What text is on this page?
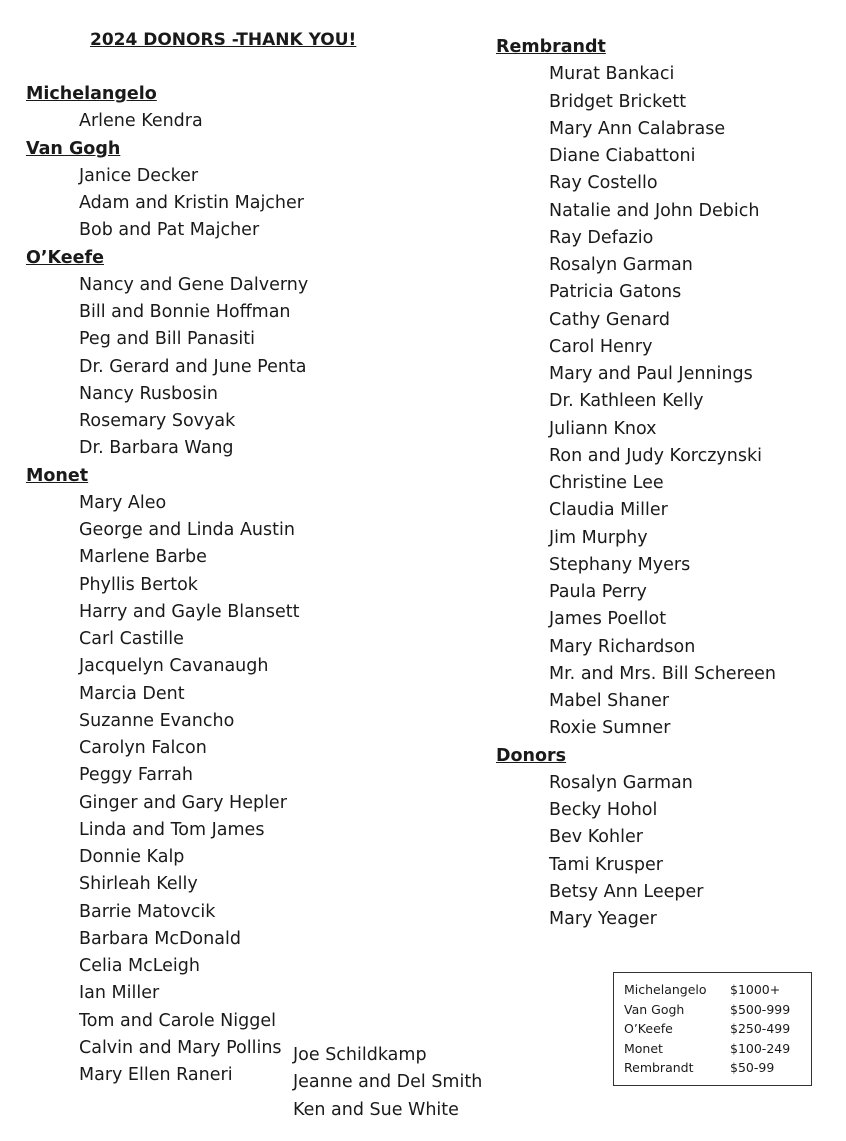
2024 DONORS -THANK YOU!
Michelangelo
Arlene Kendra
Van Gogh
Janice Decker
Adam and Kristin Majcher
Bob and Pat Majcher
O’Keefe
Nancy and Gene Dalverny
Bill and Bonnie Hoffman
Peg and Bill Panasiti
Dr. Gerard and June Penta
Nancy Rusbosin
Rosemary Sovyak
Dr. Barbara Wang
Monet
Mary Aleo
George and Linda Austin
Marlene Barbe
Phyllis Bertok
Harry and Gayle Blansett
Carl Castille
Jacquelyn Cavanaugh
Marcia Dent
Suzanne Evancho
Carolyn Falcon
Peggy Farrah
Ginger and Gary Hepler
Linda and Tom James
Donnie Kalp
Shirleah Kelly
Barrie Matovcik
Barbara McDonald
Celia McLeigh
Ian Miller
Tom and Carole Niggel
Calvin and Mary Pollins
Mary Ellen Raneri
Rembrandt
Murat Bankaci
Bridget Brickett
Mary Ann Calabrase
Diane Ciabattoni
Ray Costello
Natalie and John Debich
Ray Defazio
Rosalyn Garman
Patricia Gatons
Cathy Genard
Carol Henry
Mary and Paul Jennings
Dr. Kathleen Kelly
Juliann Knox
Ron and Judy Korczynski
Christine Lee
Claudia Miller
Jim Murphy
Stephany Myers
Paula Perry
James Poellot
Mary Richardson
Mr. and Mrs. Bill Schereen
Mabel Shaner
Roxie Sumner
Donors
Rosalyn Garman
Becky Hohol
Bev Kohler
Tami Krusper
Betsy Ann Leeper
Mary Yeager
Joe Schildkamp
Jeanne and Del Smith
Ken and Sue White
Michelangelo	$1000+
Van Gogh	$500-999
O’Keefe	$250-499
Monet	$100-249
Rembrandt	$50-99
